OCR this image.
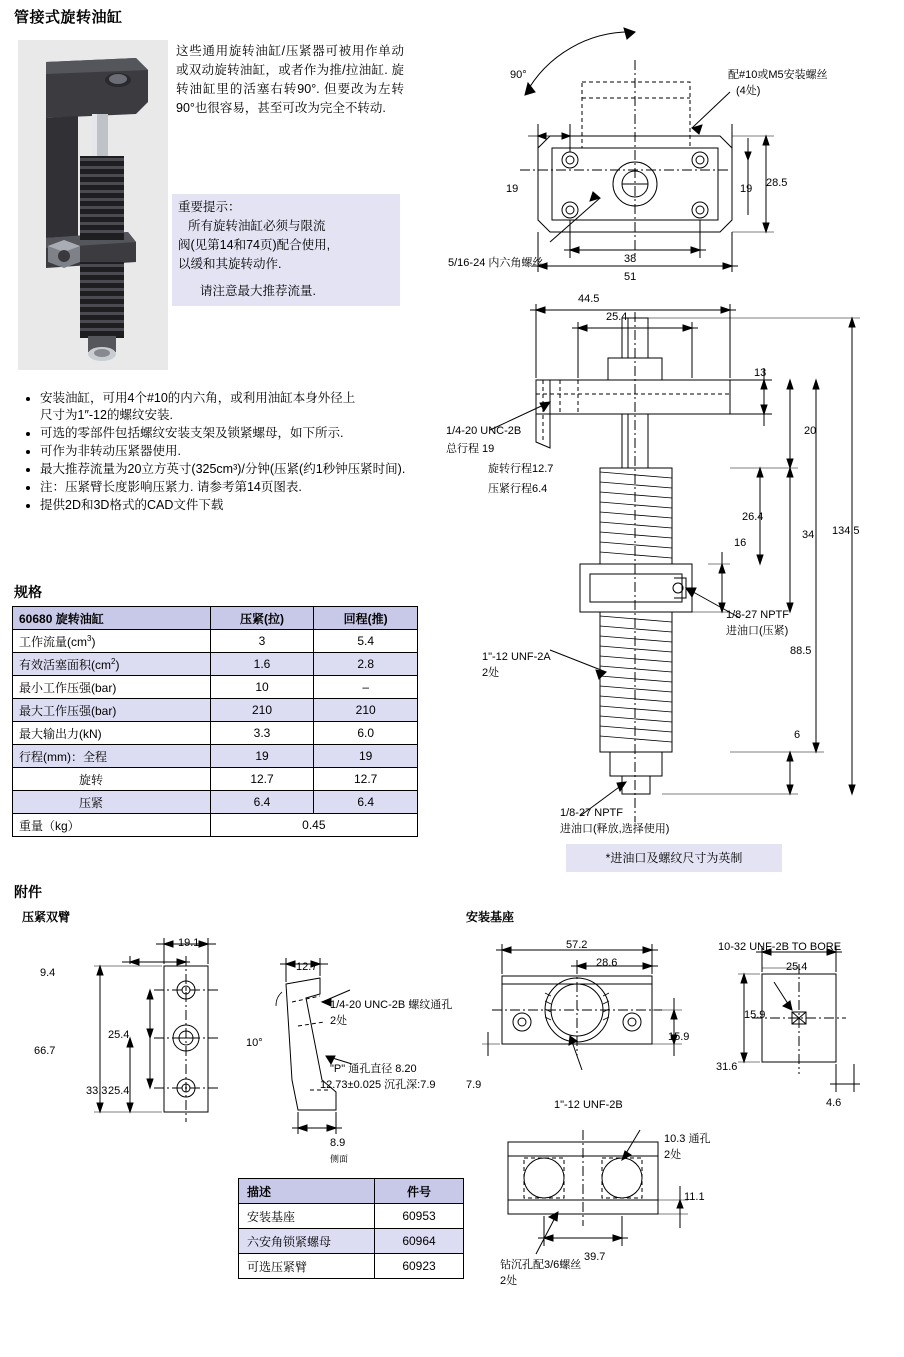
管接式旋转油缸
这些通用旋转油缸/压紧器可被用作单动或双动旋转油缸，或者作为推/拉油缸. 旋转油缸里的活塞右转90°. 但要改为左转90°也很容易，甚至可改为完全不转动.
重要提示：
所有旋转油缸必须与限流
阀(见第14和74页)配合使用,
以缓和其旋转动作.
请注意最大推荐流量.
• 安装油缸，可用4个#10的内六角，或利用油缸本身外径上
尺寸为1″-12的螺纹安装.
• 可选的零部件包括螺纹安装支架及锁紧螺母，如下所示.
• 可作为非转动压紧器使用.
• 最大推荐流量为20立方英寸(325cm³)/分钟(压紧(约1秒钟压紧时间).
• 注：压紧臂长度影响压紧力. 请参考第14页图表.
• 提供2D和3D格式的CAD文件下载
规格
60680 旋转油缸	压紧(拉)	回程(推)
工作流量$(cm^3)$	3	5.4
有效活塞面积$(cm^2)$	1.6	2.8
最小工作压强(bar)	10	–
最大工作压强(bar)	210	210
最大输出力(kN)	3.3	6.0
行程(mm)：全程	19	19
　　　　　旋转	12.7	12.7
　　　　　压紧	6.4	6.4
重量（kg）	0.45	
附件
压紧双臂	安装基座
描述	件号
安装基座	60953
六安角锁紧螺母	60964
可选压紧臂	60923
90°	配#10或M5安装螺丝
(4处)
5/16-24 内六角螺丝
19	19 28.5
38
51
44.5
25.4
13
20
16
26.4
34 134.5
88.5
6
1/4-20 UNC-2B
总行程 19
旋转行程12.7
压紧行程6.4
1/8-27 NPTF
进油口(压紧)
1"-12 UNF-2A
2处
1/8-27 NPTF
进油口(释放,选择使用)
*进油口及螺纹尺寸为英制
19.1
9.4
66.7
33.3
25.4
25.4
12.7
10°
8.9
侧面
1/4-20 UNC-2B 螺纹通孔
2处
"P" 通孔直径 8.20
12.73±0.025 沉孔深:7.9
57.2
28.6
15.9
7.9
1"-12 UNF-2B
10.3 通孔
2处
39.7
11.1
钻沉孔配3/6螺丝
2处
10-32 UNF-2B TO BORE
25.4
15.9
31.6
4.6
